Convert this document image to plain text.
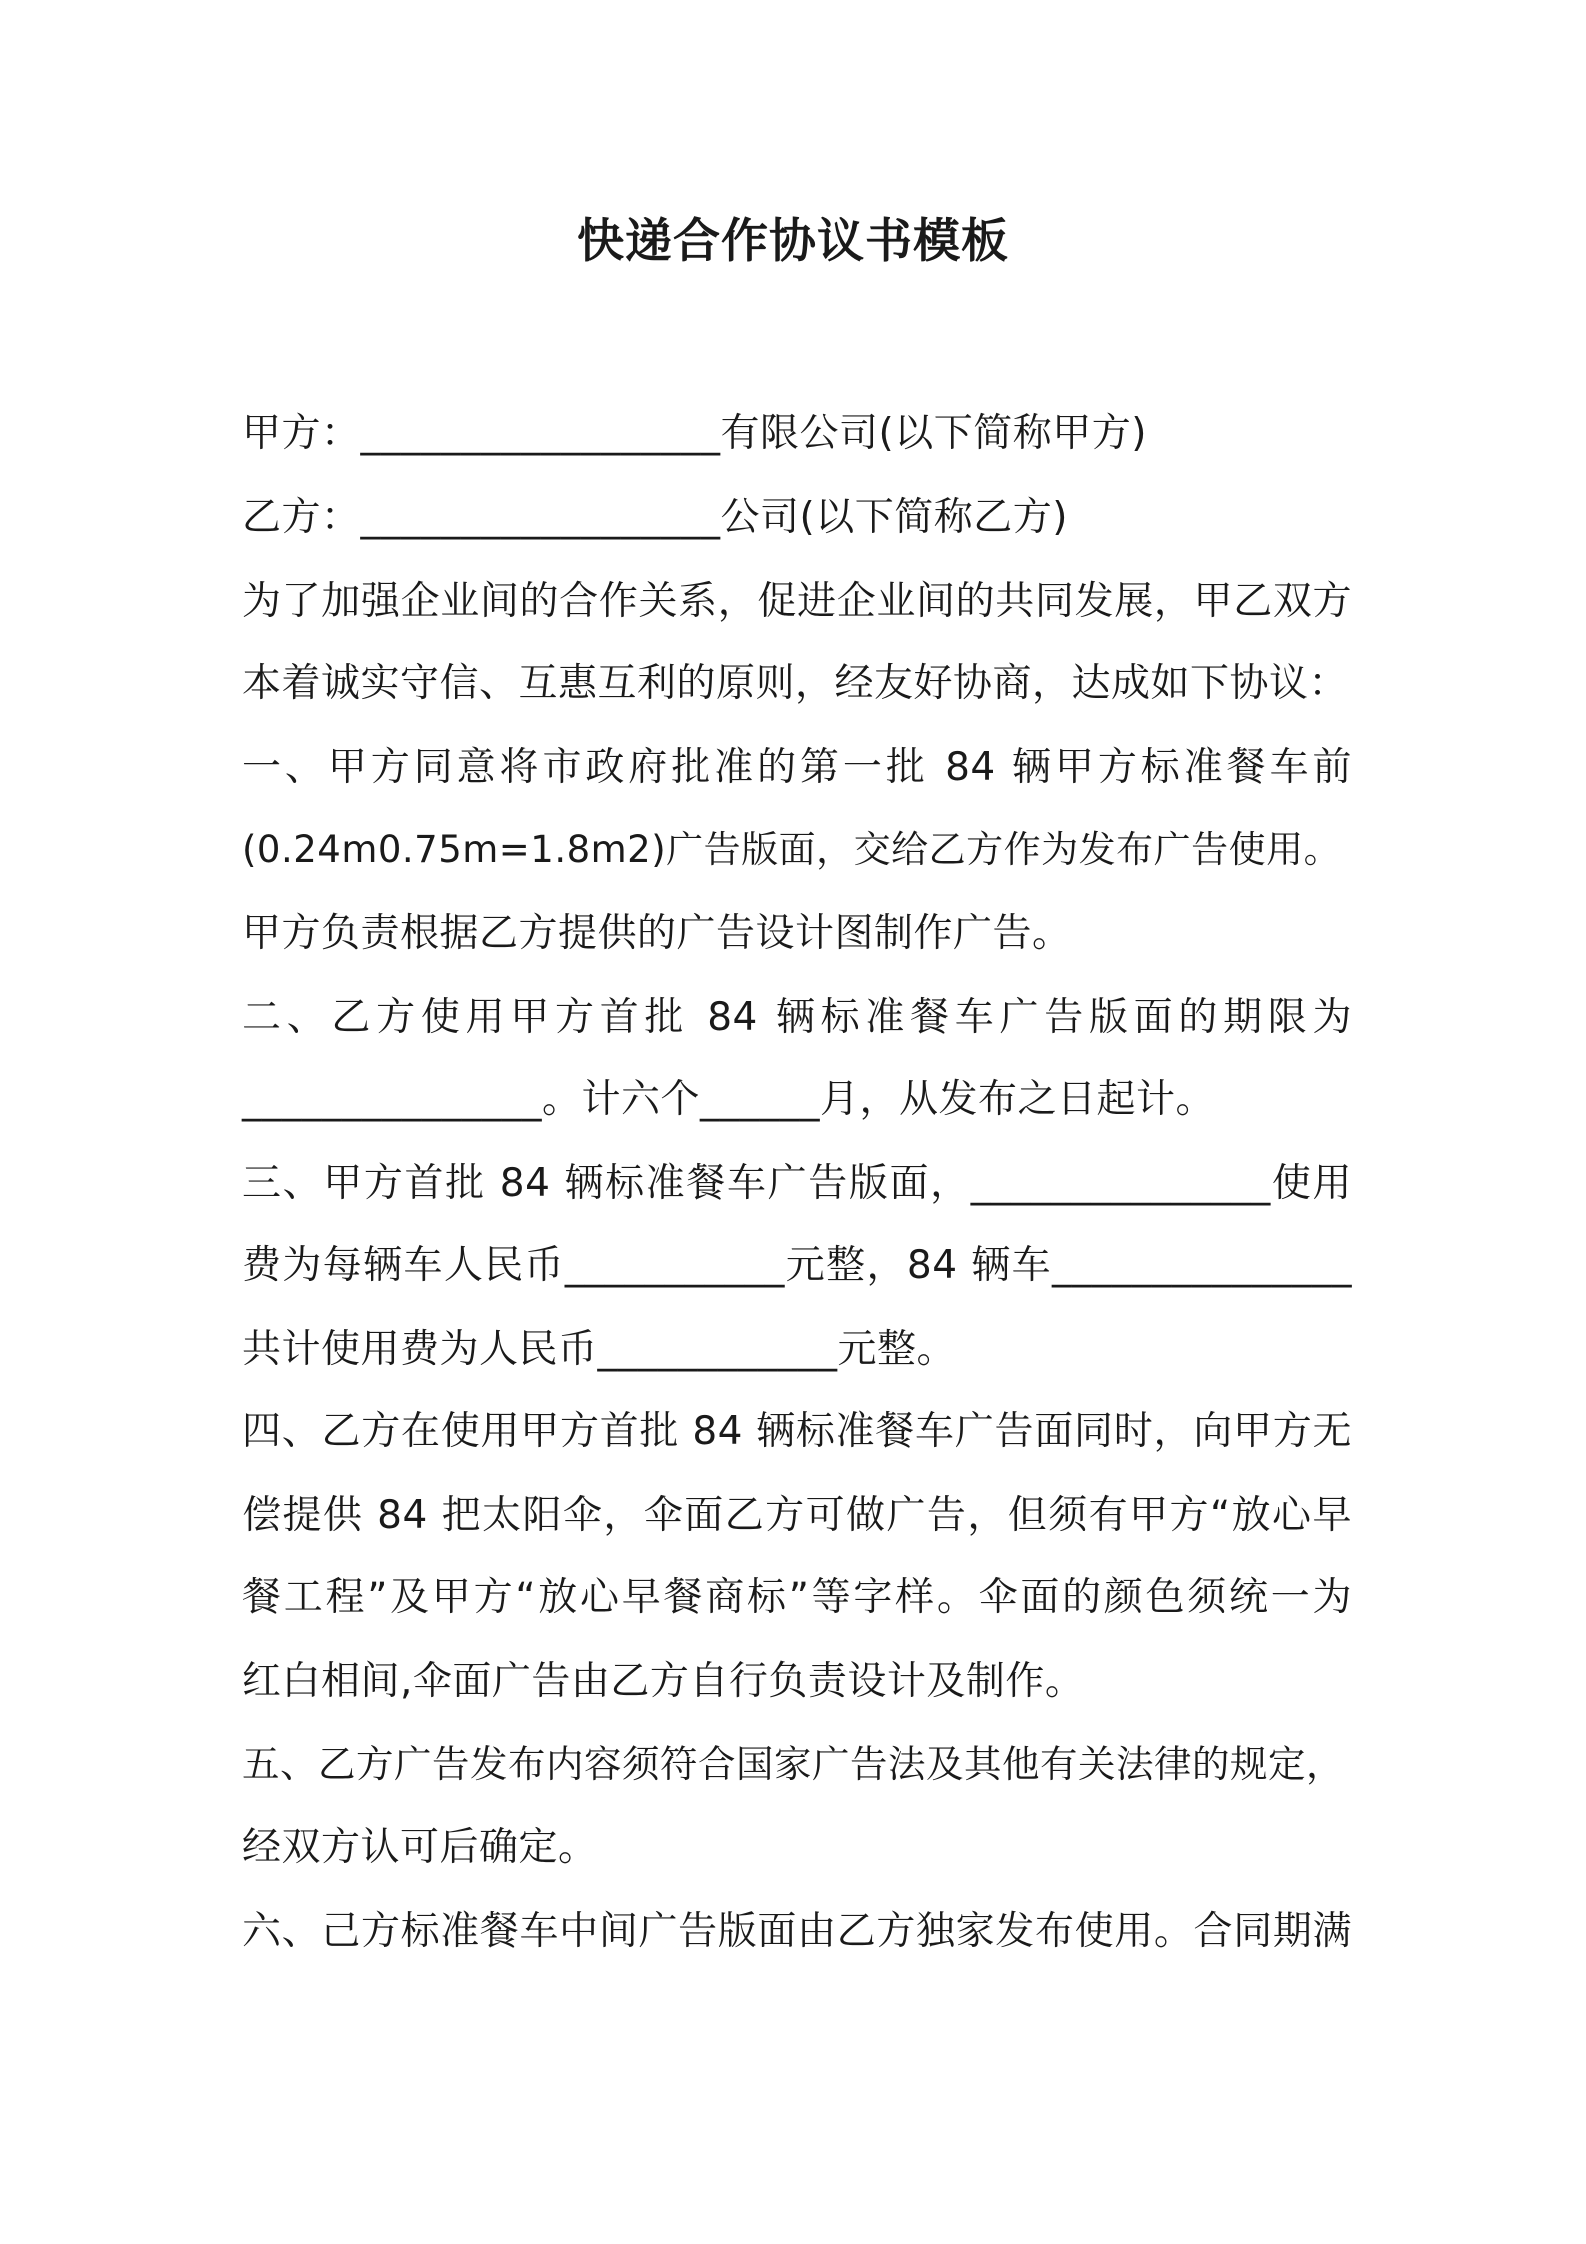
快递合作协议书模板
甲方：__________________有限公司(以下简称甲方)
乙方：__________________公司(以下简称乙方)
为了加强企业间的合作关系，促进企业间的共同发展，甲乙双方
本着诚实守信、互惠互利的原则，经友好协商，达成如下协议：
一、甲方同意将市政府批准的第一批 84 辆甲方标准餐车前
(0.24m0.75m=1.8m2)广告版面，交给乙方作为发布广告使用。
甲方负责根据乙方提供的广告设计图制作广告。
二、乙方使用甲方首批 84 辆标准餐车广告版面的期限为
_______________。计六个______月，从发布之日起计。
三、甲方首批 84 辆标准餐车广告版面，_______________使用
费为每辆车人民币___________元整，84 辆车_______________
共计使用费为人民币____________元整。
四、乙方在使用甲方首批 84 辆标准餐车广告面同时，向甲方无
偿提供 84 把太阳伞，伞面乙方可做广告，但须有甲方“放心早
餐工程”及甲方“放心早餐商标”等字样。伞面的颜色须统一为
红白相间,伞面广告由乙方自行负责设计及制作。
五、乙方广告发布内容须符合国家广告法及其他有关法律的规定，
经双方认可后确定。
六、己方标准餐车中间广告版面由乙方独家发布使用。合同期满
